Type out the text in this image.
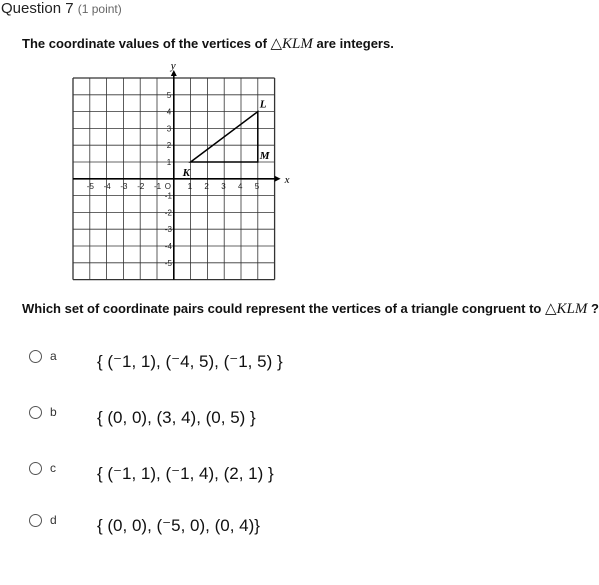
Question 7 (1 point)
The coordinate values of the vertices of △KLM are integers.
x
y
-5 -4 -3 -2 -1 O 1 2 3 4 5
5
4
3
2
1
-1
-2
-3
-4
-5
K
L
M
Which set of coordinate pairs could represent the vertices of a triangle congruent to △KLM ?
a { (⁻1, 1), (⁻4, 5), (⁻1, 5) }
b { (0, 0), (3, 4), (0, 5) }
c { (⁻1, 1), (⁻1, 4), (2, 1) }
d { (0, 0), (⁻5, 0), (0, 4)}
